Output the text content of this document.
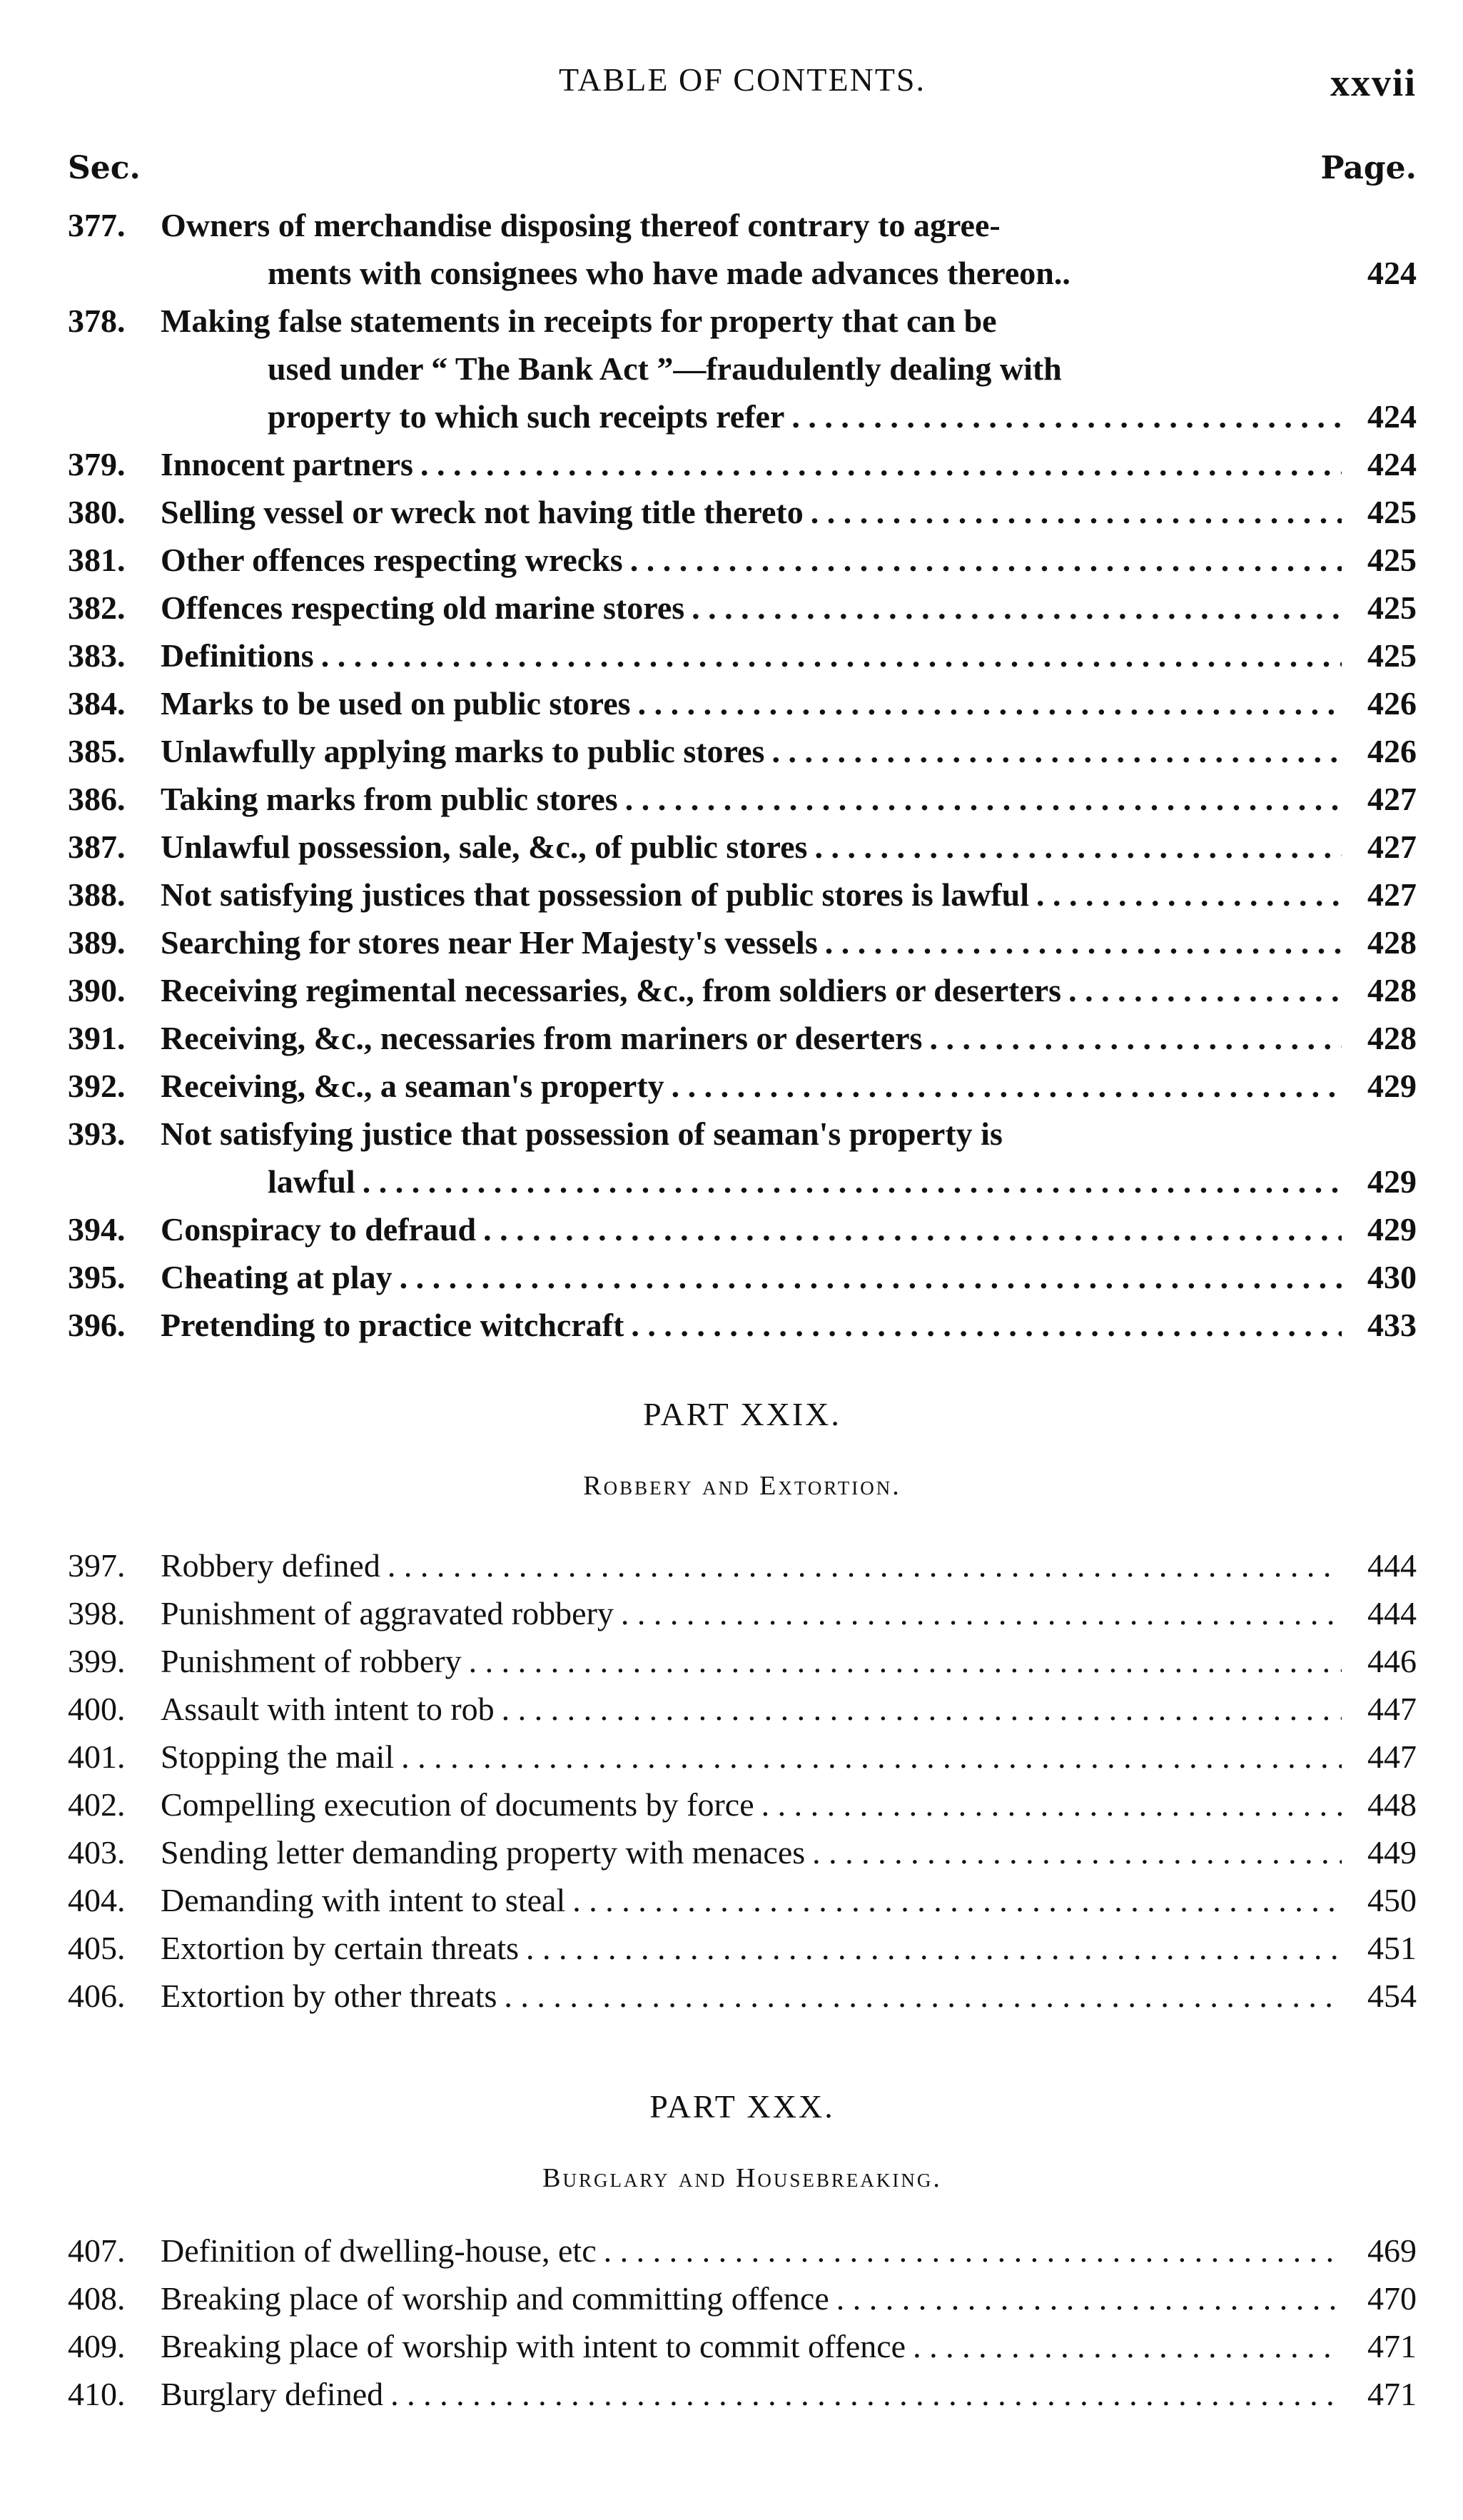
TABLE OF CONTENTS.	xxvii
Sec.	Page.
377.	Owners of merchandise disposing thereof contrary to agree-
ments with consignees who have made advances thereon..	424
378.	Making false statements in receipts for property that can be
used under “ The Bank Act ”—fraudulently dealing with
property to which such receipts refer . . .	424
379.	Innocent partners . . .	424
380.	Selling vessel or wreck not having title thereto . . .	425
381.	Other offences respecting wrecks . . .	425
382.	Offences respecting old marine stores . . .	425
383.	Definitions . . .	425
384.	Marks to be used on public stores . . .	426
385.	Unlawfully applying marks to public stores . . .	426
386.	Taking marks from public stores . . .	427
387.	Unlawful possession, sale, &c., of public stores . . .	427
388.	Not satisfying justices that possession of public stores is lawful . . .	427
389.	Searching for stores near Her Majesty's vessels . . .	428
390.	Receiving regimental necessaries, &c., from soldiers or deserters . . .	428
391.	Receiving, &c., necessaries from mariners or deserters . . .	428
392.	Receiving, &c., a seaman's property . . .	429
393.	Not satisfying justice that possession of seaman's property is
lawful . . .	429
394.	Conspiracy to defraud . . .	429
395.	Cheating at play . . .	430
396.	Pretending to practice witchcraft . . .	433
PART XXIX.
Robbery and Extortion.
397.	Robbery defined . . .	444
398.	Punishment of aggravated robbery . . .	444
399.	Punishment of robbery . . .	446
400.	Assault with intent to rob . . .	447
401.	Stopping the mail . . .	447
402.	Compelling execution of documents by force . . .	448
403.	Sending letter demanding property with menaces . . .	449
404.	Demanding with intent to steal . . .	450
405.	Extortion by certain threats . . .	451
406.	Extortion by other threats . . .	454
PART XXX.
Burglary and Housebreaking.
407.	Definition of dwelling-house, etc . . .	469
408.	Breaking place of worship and committing offence . . .	470
409.	Breaking place of worship with intent to commit offence . . .	471
410.	Burglary defined . . .	471
